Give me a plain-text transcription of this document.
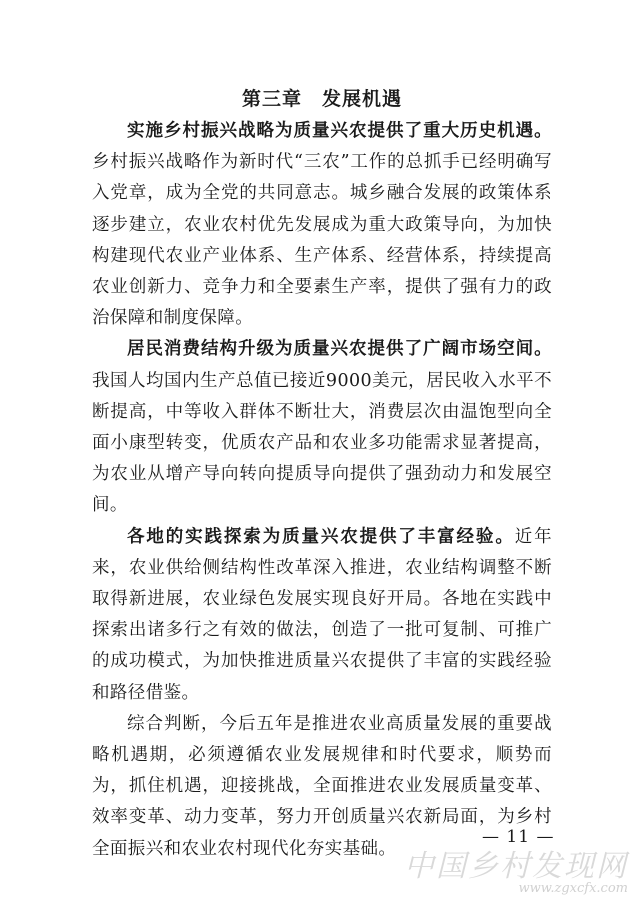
第三章　发展机遇

实施乡村振兴战略为质量兴农提供了重大历史机遇。乡村振兴战略作为新时代“三农”工作的总抓手已经明确写入党章，成为全党的共同意志。城乡融合发展的政策体系逐步建立，农业农村优先发展成为重大政策导向，为加快构建现代农业产业体系、生产体系、经营体系，持续提高农业创新力、竞争力和全要素生产率，提供了强有力的政治保障和制度保障。

居民消费结构升级为质量兴农提供了广阔市场空间。我国人均国内生产总值已接近9000美元，居民收入水平不断提高，中等收入群体不断壮大，消费层次由温饱型向全面小康型转变，优质农产品和农业多功能需求显著提高，为农业从增产导向转向提质导向提供了强劲动力和发展空间。

各地的实践探索为质量兴农提供了丰富经验。近年来，农业供给侧结构性改革深入推进，农业结构调整不断取得新进展，农业绿色发展实现良好开局。各地在实践中探索出诸多行之有效的做法，创造了一批可复制、可推广的成功模式，为加快推进质量兴农提供了丰富的实践经验和路径借鉴。

综合判断，今后五年是推进农业高质量发展的重要战略机遇期，必须遵循农业发展规律和时代要求，顺势而为，抓住机遇，迎接挑战，全面推进农业发展质量变革、效率变革、动力变革，努力开创质量兴农新局面，为乡村全面振兴和农业农村现代化夯实基础。

— 11 —
中国乡村发现网
www.zgxcfx.com
